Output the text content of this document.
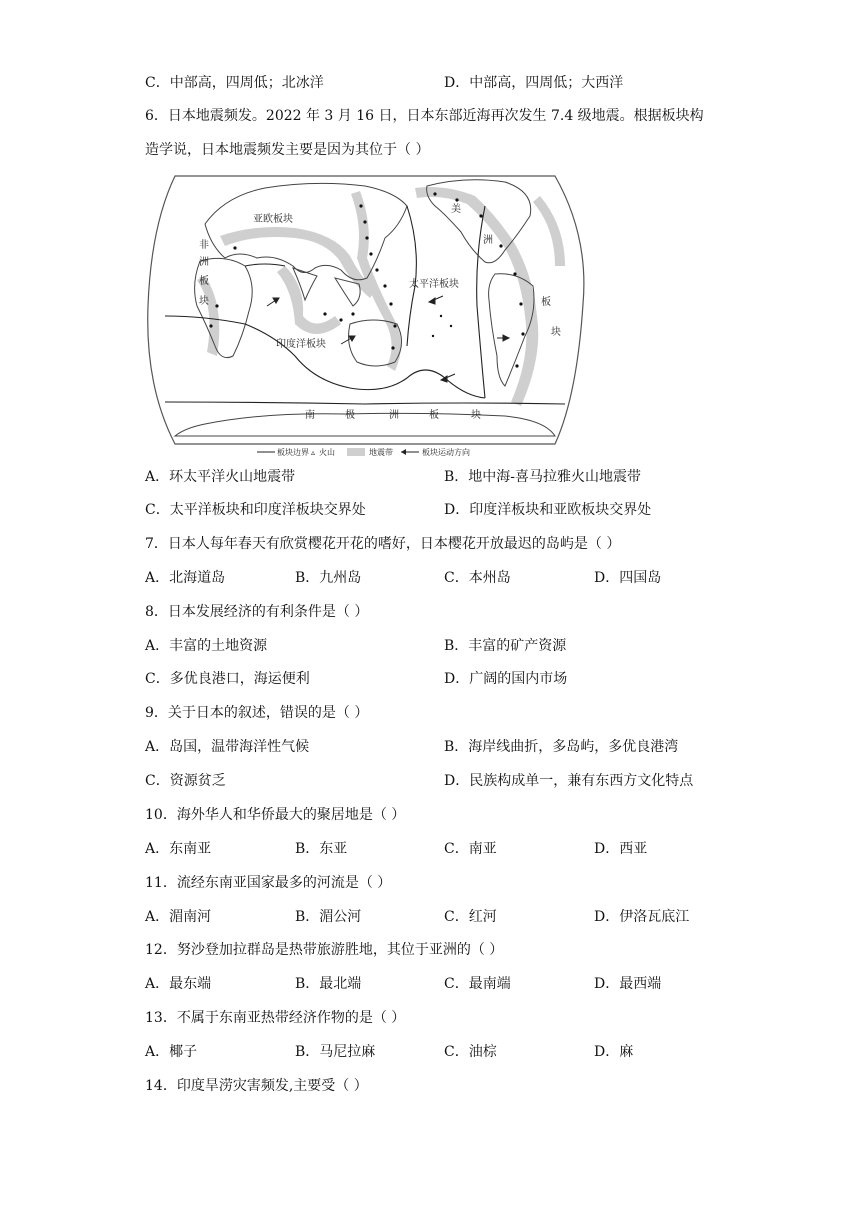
C．中部高，四周低；北冰洋	D．中部高，四周低；大西洋
6．日本地震频发。2022 年 3 月 16 日，日本东部近海再次发生 7.4 级地震。根据板块构
造学说，日本地震频发主要是因为其位于（ ）
亚欧板块
非
洲
板
块
太平洋板块
印度洋板块
美
洲
板
块
南	极	洲	板	块
板块边界 ▵ 火山	地震带	板块运动方向
A．环太平洋火山地震带	B．地中海-喜马拉雅火山地震带
C．太平洋板块和印度洋板块交界处	D．印度洋板块和亚欧板块交界处
7．日本人每年春天有欣赏樱花开花的嗜好，日本樱花开放最迟的岛屿是（ ）
A．北海道岛	B．九州岛	C．本州岛	D．四国岛
8．日本发展经济的有利条件是（ ）
A．丰富的土地资源	B．丰富的矿产资源
C．多优良港口，海运便利	D．广阔的国内市场
9．关于日本的叙述，错误的是（ ）
A．岛国，温带海洋性气候	B．海岸线曲折，多岛屿，多优良港湾
C．资源贫乏	D．民族构成单一，兼有东西方文化特点
10．海外华人和华侨最大的聚居地是（ ）
A．东南亚	B．东亚	C．南亚	D．西亚
11．流经东南亚国家最多的河流是（ ）
A．湄南河	B．湄公河	C．红河	D．伊洛瓦底江
12．努沙登加拉群岛是热带旅游胜地，其位于亚洲的（ ）
A．最东端	B．最北端	C．最南端	D．最西端
13．不属于东南亚热带经济作物的是（ ）
A．椰子	B．马尼拉麻	C．油棕	D．麻
14．印度旱涝灾害频发,主要受（ ）
